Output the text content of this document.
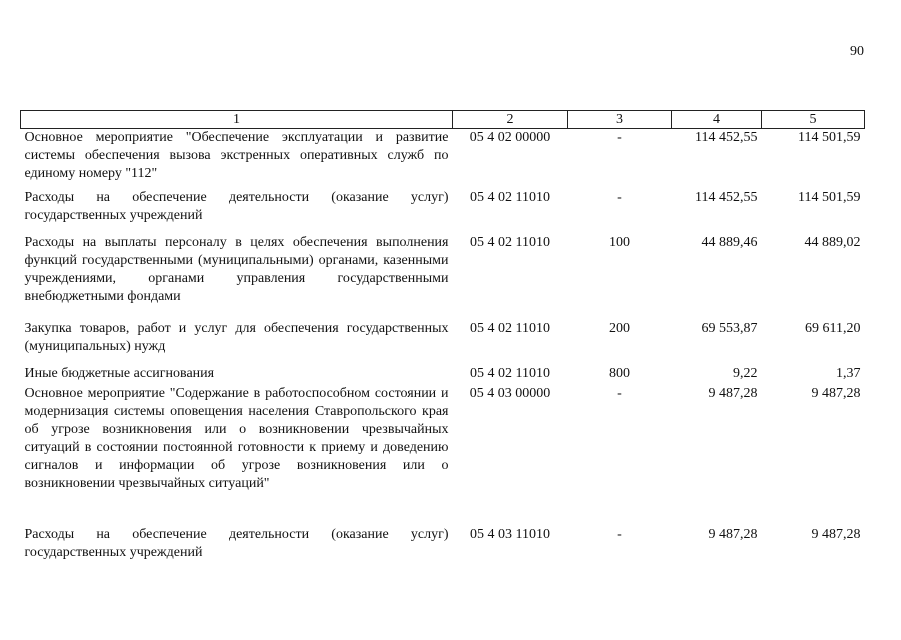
90
1	2	3	4	5
Основное мероприятие "Обеспечение эксплуатации и развитие системы обеспечения вызова экстренных оперативных служб по единому номеру "112"	05 4 02 00000	-	114 452,55	114 501,59
Расходы на обеспечение деятельности (оказание услуг) государственных учреждений	05 4 02 11010	-	114 452,55	114 501,59
Расходы на выплаты персоналу в целях обеспечения выполнения функций государственными (муниципальными) органами, казенными учреждениями, органами управления государственными внебюджетными фондами	05 4 02 11010	100	44 889,46	44 889,02
Закупка товаров, работ и услуг для обеспечения государственных (муниципальных) нужд	05 4 02 11010	200	69 553,87	69 611,20
Иные бюджетные ассигнования	05 4 02 11010	800	9,22	1,37
Основное мероприятие "Содержание в работоспособном состоянии и модернизация системы оповещения населения Ставропольского края об угрозе возникновения или о возникновении чрезвычайных ситуаций в состоянии постоянной готовности к приему и доведению сигналов и информации об угрозе возникновения или о возникновении чрезвычайных ситуаций"	05 4 03 00000	-	9 487,28	9 487,28
Расходы на обеспечение деятельности (оказание услуг) государственных учреждений	05 4 03 11010	-	9 487,28	9 487,28
